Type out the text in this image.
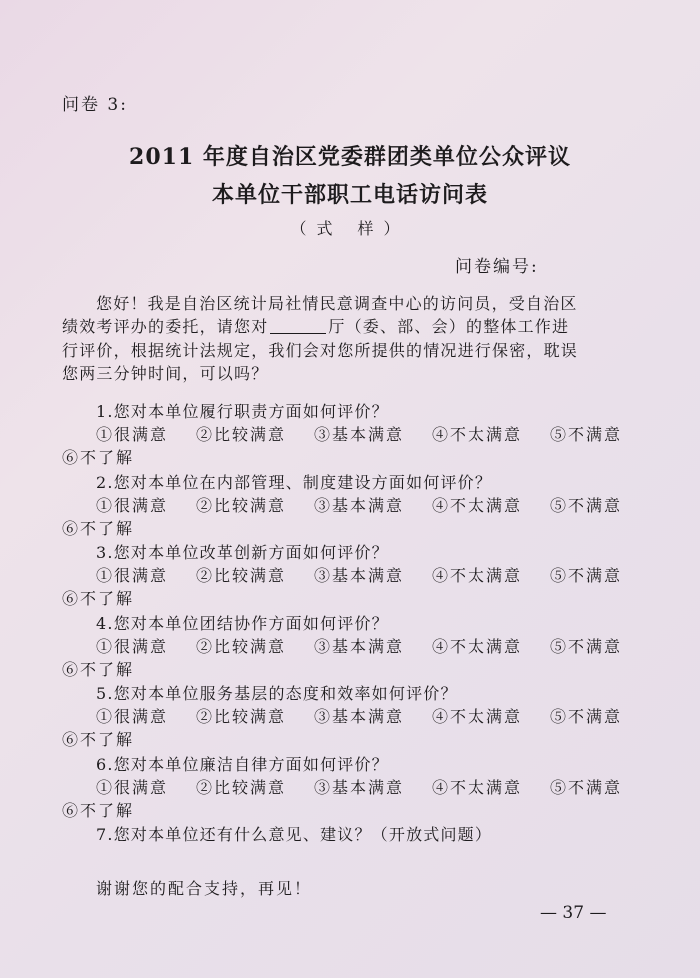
问卷 3:
2011 年度自治区党委群团类单位公众评议
本单位干部职工电话访问表
（式 样）
问卷编号:
您好！我是自治区统计局社情民意调查中心的访问员，受自治区
绩效考评办的委托，请您对	厅（委、部、会）的整体工作进
行评价，根据统计法规定，我们会对您所提供的情况进行保密，耽误
您两三分钟时间，可以吗？
1.您对本单位履行职责方面如何评价？
①很满意 ②比较满意 ③基本满意 ④不太满意 ⑤不满意
⑥不了解
2.您对本单位在内部管理、制度建设方面如何评价？
①很满意 ②比较满意 ③基本满意 ④不太满意 ⑤不满意
⑥不了解
3.您对本单位改革创新方面如何评价？
①很满意 ②比较满意 ③基本满意 ④不太满意 ⑤不满意
⑥不了解
4.您对本单位团结协作方面如何评价？
①很满意 ②比较满意 ③基本满意 ④不太满意 ⑤不满意
⑥不了解
5.您对本单位服务基层的态度和效率如何评价？
①很满意 ②比较满意 ③基本满意 ④不太满意 ⑤不满意
⑥不了解
6.您对本单位廉洁自律方面如何评价？
①很满意 ②比较满意 ③基本满意 ④不太满意 ⑤不满意
⑥不了解
7.您对本单位还有什么意见、建议？（开放式问题）
谢谢您的配合支持，再见！
— 37 —
